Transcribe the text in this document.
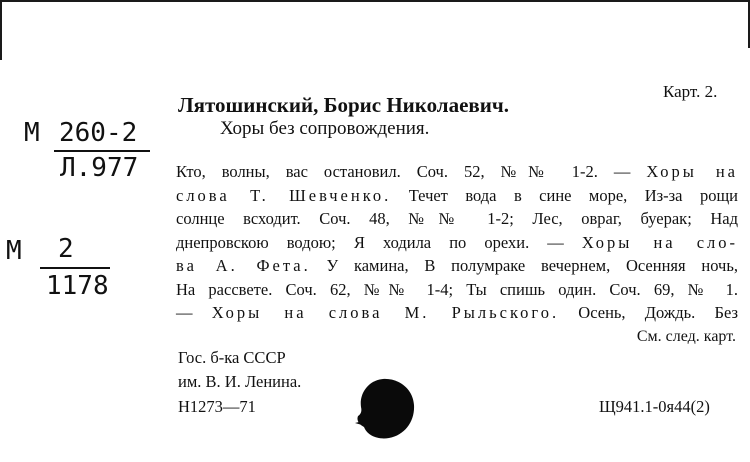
Карт. 2.
М 260-2
Л.977
М 2
1178
Лятошинский, Борис Николаевич.
Хоры без сопровождения.
Кто, волны, вас остановил. Соч. 52, №№ 1-2. — Хоры на
слова Т. Шевченко. Течет вода в сине море, Из-за рощи
солнце всходит. Соч. 48, №№ 1-2; Лес, овраг, буерак; Над
днепровскою водою; Я ходила по орехи. — Хоры на сло-
ва А. Фета. У камина, В полумраке вечернем, Осенняя ночь,
На рассвете. Соч. 62, №№ 1-4; Ты спишь один. Соч. 69, № 1.
— Хоры на слова М. Рыльского. Осень, Дождь. Без
См. след. карт.
Гос. б-ка СССР
им. В. И. Ленина.
Н1273—71	Щ941.1-0я44(2)
